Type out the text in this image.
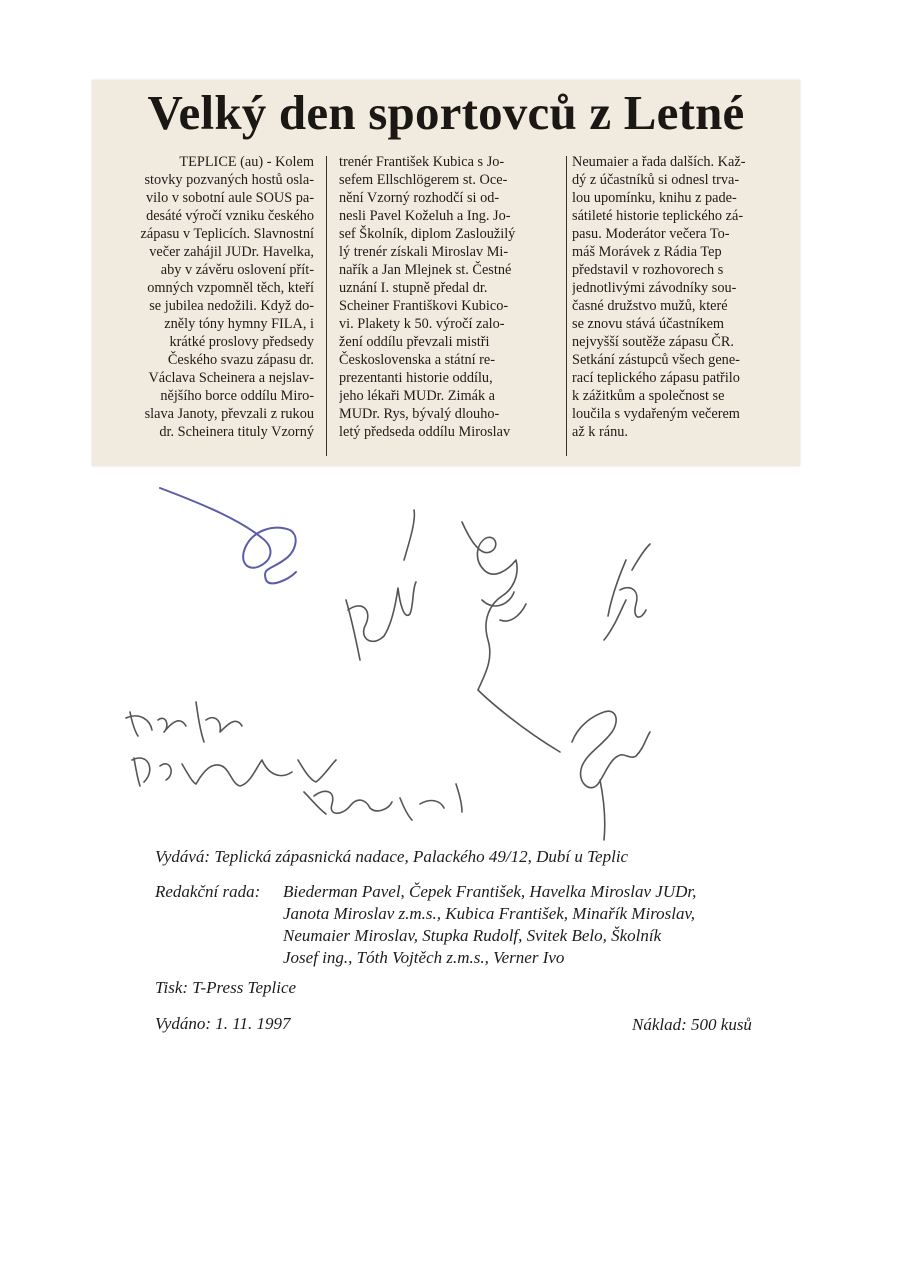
Velký den sportovců z Letné
TEPLICE (au) - Kolem
stovky pozvaných hostů osla-
vilo v sobotní aule SOUS pa-
desáté výročí vzniku českého
zápasu v Teplicích. Slavnostní
večer zahájil JUDr. Havelka,
aby v závěru oslovení přít-
omných vzpomněl těch, kteří
se jubilea nedožili. Když do-
zněly tóny hymny FILA, i
krátké proslovy předsedy
Českého svazu zápasu dr.
Václava Scheinera a nejslav-
nějšího borce oddílu Miro-
slava Janoty, převzali z rukou
dr. Scheinera tituly Vzorný
trenér František Kubica s Jo-
sefem Ellschlögerem st. Oce-
nění Vzorný rozhodčí si od-
nesli Pavel Koželuh a Ing. Jo-
sef Školník, diplom Zasloužilý
lý trenér získali Miroslav Mi-
nařík a Jan Mlejnek st. Čestné
uznání I. stupně předal dr.
Scheiner Františkovi Kubico-
vi. Plakety k 50. výročí zalo-
žení oddílu převzali mistři
Československa a státní re-
prezentanti historie oddílu,
jeho lékaři MUDr. Zimák a
MUDr. Rys, bývalý dlouho-
letý předseda oddílu Miroslav
Neumaier a řada dalších. Kaž-
dý z účastníků si odnesl trva-
lou upomínku, knihu z pade-
sátileté historie teplického zá-
pasu. Moderátor večera To-
máš Morávek z Rádia Tep
představil v rozhovorech s
jednotlivými závodníky sou-
časné družstvo mužů, které
se znovu stává účastníkem
nejvyšší soutěže zápasu ČR.
Setkání zástupců všech gene-
rací teplického zápasu patřilo
k zážitkům a společnost se
loučila s vydařeným večerem
až k ránu.
Vydává: Teplická zápasnická nadace, Palackého 49/12, Dubí u Teplic
Redakční rada: Biederman Pavel, Čepek František, Havelka Miroslav JUDr,
Janota Miroslav z.m.s., Kubica František, Minařík Miroslav,
Neumaier Miroslav, Stupka Rudolf, Svitek Belo, Školník
Josef ing., Tóth Vojtěch z.m.s., Verner Ivo
Tisk: T-Press Teplice
Vydáno: 1. 11. 1997	Náklad: 500 kusů
